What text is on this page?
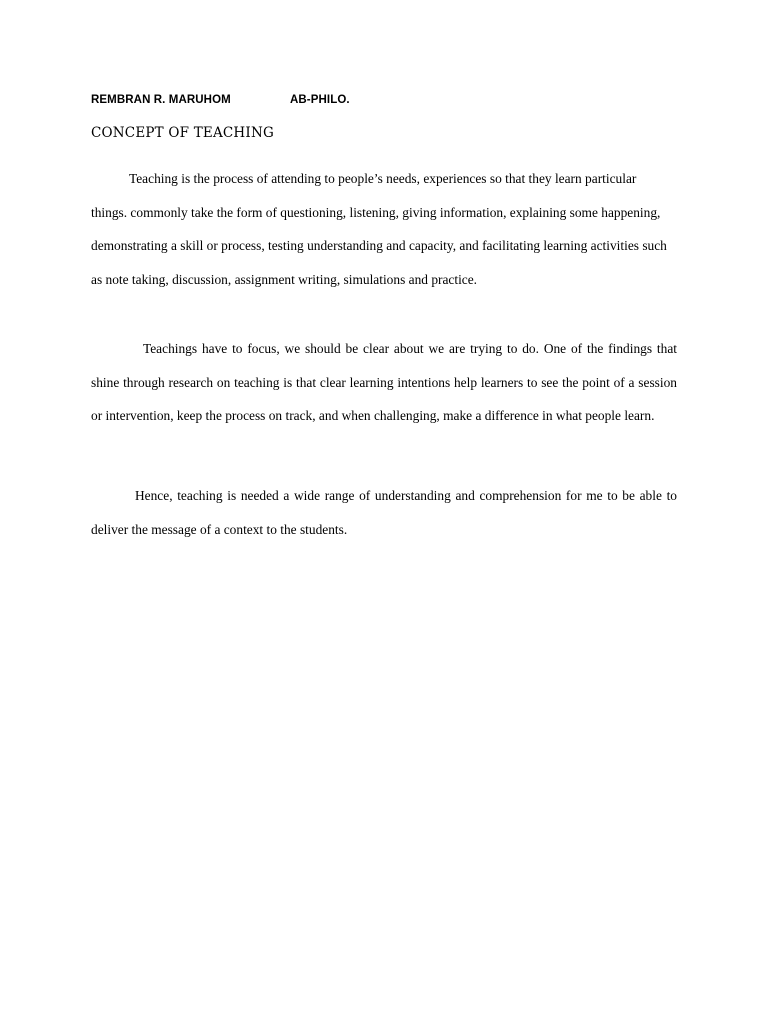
REMBRAN R. MARUHOM	AB-PHILO.
CONCEPT OF TEACHING

Teaching is the process of attending to people’s needs, experiences so that they learn particular things. commonly take the form of questioning, listening, giving information, explaining some happening, demonstrating a skill or process, testing understanding and capacity, and facilitating learning activities such as note taking, discussion, assignment writing, simulations and practice.

Teachings have to focus, we should be clear about we are trying to do. One of the findings that shine through research on teaching is that clear learning intentions help learners to see the point of a session or intervention, keep the process on track, and when challenging, make a difference in what people learn.

Hence, teaching is needed a wide range of understanding and comprehension for me to be able to deliver the message of a context to the students.
